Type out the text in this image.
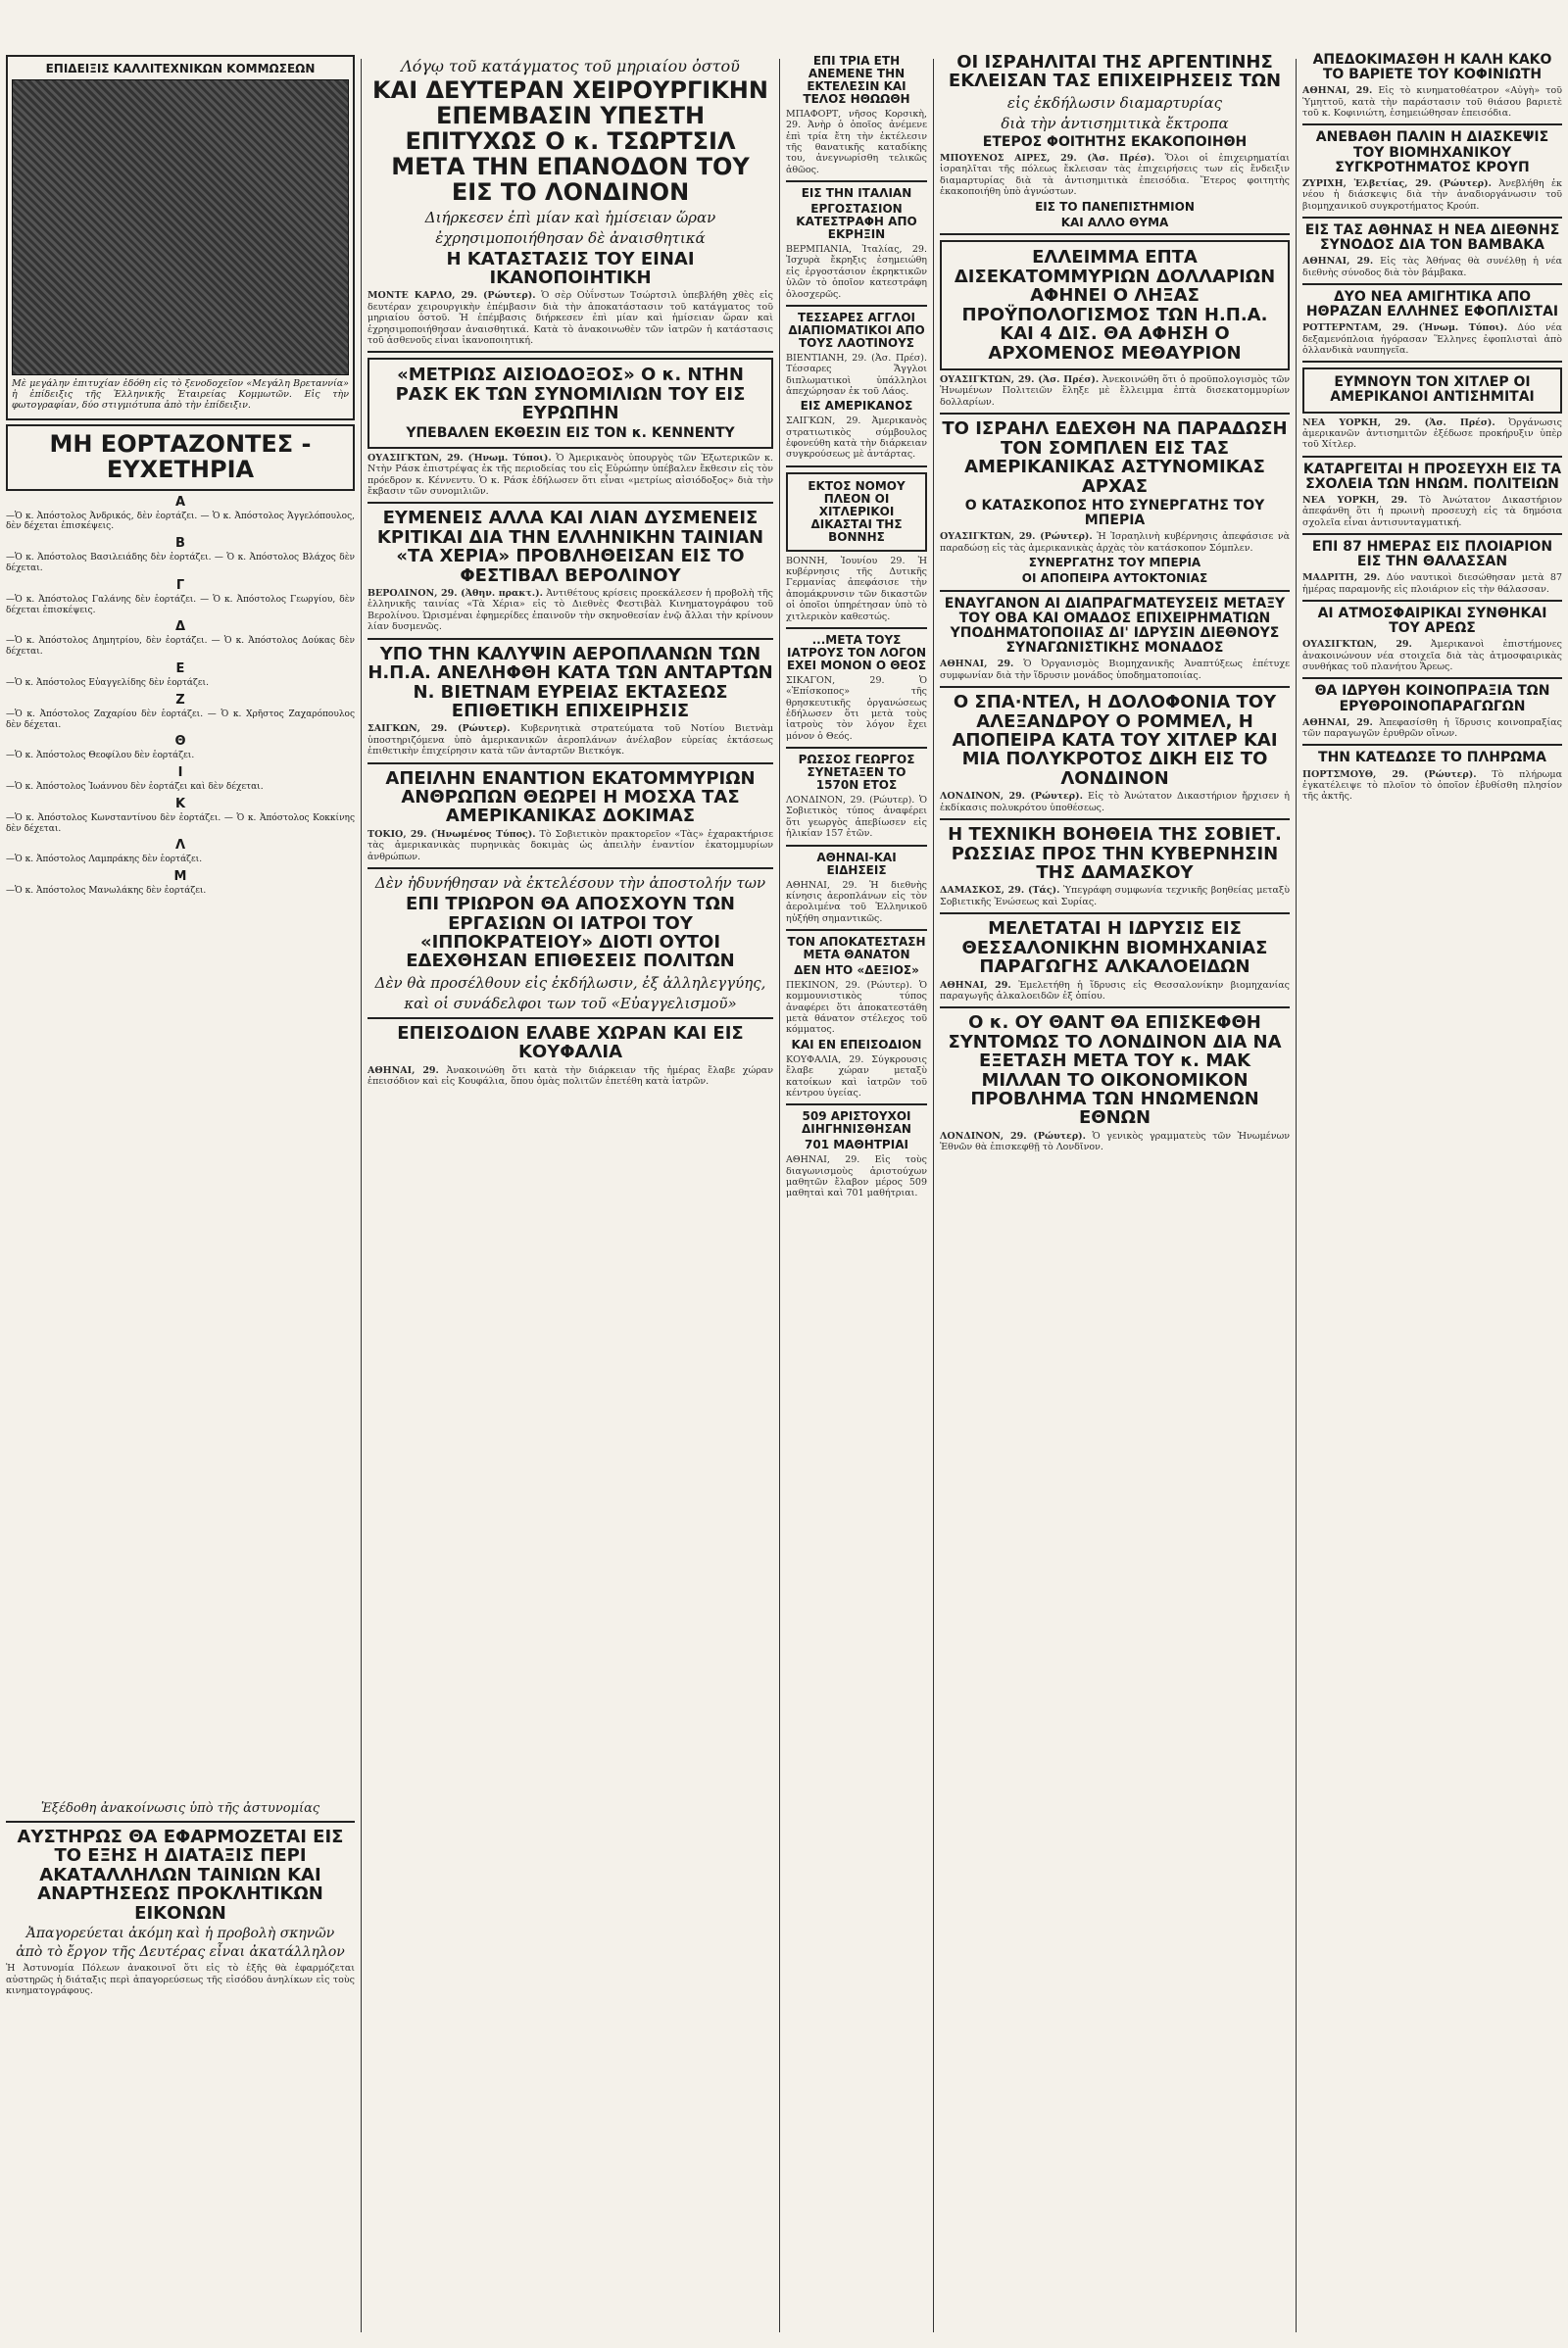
ΕΠΙΔΕΙΞΙΣ ΚΑΛΛΙΤΕΧΝΙΚΩΝ ΚΟΜΜΩΣΕΩΝ
Μὲ μεγάλην ἐπιτυχίαν ἐδόθη εἰς τὸ ξενοδοχεῖον «Μεγάλη Βρεταννία» ἡ ἐπίδειξις τῆς Ἑλληνικῆς Ἑταιρείας Κομμωτῶν. Εἰς τὴν φωτογραφίαν, δύο στιγμιότυπα ἀπὸ τὴν ἐπίδειξιν.
ΜΗ ΕΟΡΤΑΖΟΝΤΕΣ - ΕΥΧΕΤΗΡΙΑ
Α
—Ὁ κ. Ἀπόστολος Ἀνδρικός, δὲν ἑορτάζει. — Ὁ κ. Ἀπόστολος Ἀγγελόπουλος, δὲν δέχεται ἐπισκέψεις.
Β
—Ὁ κ. Ἀπόστολος Βασιλειάδης δὲν ἑορτάζει. — Ὁ κ. Ἀπόστολος Βλάχος δὲν δέχεται.
Γ
—Ὁ κ. Ἀπόστολος Γαλάνης δὲν ἑορτάζει. — Ὁ κ. Ἀπόστολος Γεωργίου, δὲν δέχεται ἐπισκέψεις.
Δ
—Ὁ κ. Ἀπόστολος Δημητρίου, δὲν ἑορτάζει. — Ὁ κ. Ἀπόστολος Δούκας δὲν δέχεται.
Ε
—Ὁ κ. Ἀπόστολος Εὐαγγελίδης δὲν ἑορτάζει.
Ζ
—Ὁ κ. Ἀπόστολος Ζαχαρίου δὲν ἑορτάζει. — Ὁ κ. Χρῆστος Ζαχαρόπουλος δὲν δέχεται.
Θ
—Ὁ κ. Ἀπόστολος Θεοφίλου δὲν ἑορτάζει.
Ι
—Ὁ κ. Ἀπόστολος Ἰωάννου δὲν ἑορτάζει καὶ δὲν δέχεται.
Κ
—Ὁ κ. Ἀπόστολος Κωνσταντίνου δὲν ἑορτάζει. — Ὁ κ. Ἀπόστολος Κοκκίνης δὲν δέχεται.
Λ
—Ὁ κ. Ἀπόστολος Λαμπράκης δὲν ἑορτάζει.
Μ
—Ὁ κ. Ἀπόστολος Μανωλάκης δὲν ἑορτάζει.
Ἐξέδοθη ἀνακοίνωσις ὑπὸ τῆς ἀστυνομίας
ΑΥΣΤΗΡΩΣ ΘΑ ΕΦΑΡΜΟΖΕΤΑΙ ΕΙΣ ΤΟ ΕΞΗΣ Η ΔΙΑΤΑΞΙΣ ΠΕΡΙ ΑΚΑΤΑΛΛΗΛΩΝ ΤΑΙΝΙΩΝ ΚΑΙ ΑΝΑΡΤΗΣΕΩΣ ΠΡΟΚΛΗΤΙΚΩΝ ΕΙΚΟΝΩΝ
Ἀπαγορεύεται ἀκόμη καὶ ἡ προβολὴ σκηνῶν
ἀπὸ τὸ ἔργον τῆς Δευτέρας εἶναι ἀκατάλληλον
Ἡ Ἀστυνομία Πόλεων ἀνακοινοῖ ὅτι εἰς τὸ ἑξῆς θὰ ἐφαρμόζεται αὐστηρῶς ἡ διάταξις περὶ ἀπαγορεύσεως τῆς εἰσόδου ἀνηλίκων εἰς τοὺς κινηματογράφους.
Λόγῳ τοῦ κατάγματος τοῦ μηριαίου ὀστοῦ
ΚΑΙ ΔΕΥΤΕΡΑΝ ΧΕΙΡΟΥΡΓΙΚΗΝ ΕΠΕΜΒΑΣΙΝ ΥΠΕΣΤΗ ΕΠΙΤΥΧΩΣ Ο κ. ΤΣΩΡΤΣΙΛ ΜΕΤΑ ΤΗΝ ΕΠΑΝΟΔΟΝ ΤΟΥ ΕΙΣ ΤΟ ΛΟΝΔΙΝΟΝ
Διήρκεσεν ἐπὶ μίαν καὶ ἡμίσειαν ὥραν
ἐχρησιμοποιήθησαν δὲ ἀναισθητικά
Η ΚΑΤΑΣΤΑΣΙΣ ΤΟΥ ΕΙΝΑΙ ΙΚΑΝΟΠΟΙΗΤΙΚΗ
ΜΟΝΤΕ ΚΑΡΛΟ, 29. (Ρώυτερ). Ὁ σὲρ Οὐΐνστων Τσώρτσιλ ὑπεβλήθη χθὲς εἰς δευτέραν χειρουργικὴν ἐπέμβασιν διὰ τὴν ἀποκατάστασιν τοῦ κατάγματος τοῦ μηριαίου ὀστοῦ. Ἡ ἐπέμβασις διήρκεσεν ἐπὶ μίαν καὶ ἡμίσειαν ὥραν καὶ ἐχρησιμοποιήθησαν ἀναισθητικά. Κατὰ τὸ ἀνακοινωθὲν τῶν ἰατρῶν ἡ κατάστασις τοῦ ἀσθενοῦς εἶναι ἱκανοποιητική.
«ΜΕΤΡΙΩΣ ΑΙΣΙΟΔΟΞΟΣ» Ο κ. ΝΤΗΝ ΡΑΣΚ ΕΚ ΤΩΝ ΣΥΝΟΜΙΛΙΩΝ ΤΟΥ ΕΙΣ ΕΥΡΩΠΗΝ
ΥΠΕΒΑΛΕΝ ΕΚΘΕΣΙΝ ΕΙΣ ΤΟΝ κ. ΚΕΝΝΕΝΤΥ
ΟΥΑΣΙΓΚΤΩΝ, 29. (Ἡνωμ. Τύποι). Ὁ Ἀμερικανὸς ὑπουργὸς τῶν Ἐξωτερικῶν κ. Ντὴν Ράσκ ἐπιστρέψας ἐκ τῆς περιοδείας του εἰς Εὐρώπην ὑπέβαλεν ἔκθεσιν εἰς τὸν πρόεδρον κ. Κέννεντυ. Ὁ κ. Ράσκ ἐδήλωσεν ὅτι εἶναι «μετρίως αἰσιόδοξος» διὰ τὴν ἔκβασιν τῶν συνομιλιῶν.
ΕΥΜΕΝΕΙΣ ΑΛΛΑ ΚΑΙ ΛΙΑΝ ΔΥΣΜΕΝΕΙΣ ΚΡΙΤΙΚΑΙ ΔΙΑ ΤΗΝ ΕΛΛΗΝΙΚΗΝ ΤΑΙΝΙΑΝ «ΤΑ ΧΕΡΙΑ» ΠΡΟΒΛΗΘΕΙΣΑΝ ΕΙΣ ΤΟ ΦΕΣΤΙΒΑΛ ΒΕΡΟΛΙΝΟΥ
ΒΕΡΟΛΙΝΟΝ, 29. (Ἀθην. πρακτ.). Ἀντιθέτους κρίσεις προεκάλεσεν ἡ προβολὴ τῆς ἑλληνικῆς ταινίας «Τὰ Χέρια» εἰς τὸ Διεθνὲς Φεστιβὰλ Κινηματογράφου τοῦ Βερολίνου. Ὡρισμέναι ἐφημερίδες ἐπαινοῦν τὴν σκηνοθεσίαν ἐνῷ ἄλλαι τὴν κρίνουν λίαν δυσμενῶς.
ΥΠΟ ΤΗΝ ΚΑΛΥΨΙΝ ΑΕΡΟΠΛΑΝΩΝ ΤΩΝ Η.Π.Α. ΑΝΕΛΗΦΘΗ ΚΑΤΑ ΤΩΝ ΑΝΤΑΡΤΩΝ Ν. ΒΙΕΤΝΑΜ ΕΥΡΕΙΑΣ ΕΚΤΑΣΕΩΣ ΕΠΙΘΕΤΙΚΗ ΕΠΙΧΕΙΡΗΣΙΣ
ΣΑΙΓΚΩΝ, 29. (Ρώυτερ). Κυβερνητικὰ στρατεύματα τοῦ Νοτίου Βιετνὰμ ὑποστηριζόμενα ὑπὸ ἀμερικανικῶν ἀεροπλάνων ἀνέλαβον εὐρείας ἐκτάσεως ἐπιθετικὴν ἐπιχείρησιν κατὰ τῶν ἀνταρτῶν Βιετκόγκ.
ΑΠΕΙΛΗΝ ΕΝΑΝΤΙΟΝ ΕΚΑΤΟΜΜΥΡΙΩΝ ΑΝΘΡΩΠΩΝ ΘΕΩΡΕΙ Η ΜΟΣΧΑ ΤΑΣ ΑΜΕΡΙΚΑΝΙΚΑΣ ΔΟΚΙΜΑΣ
ΤΟΚΙΟ, 29. (Ἡνωμένος Τύπος). Τὸ Σοβιετικὸν πρακτορεῖον «Τὰς» ἐχαρακτήρισε τὰς ἀμερικανικὰς πυρηνικὰς δοκιμὰς ὡς ἀπειλὴν ἐναντίον ἑκατομμυρίων ἀνθρώπων.
Δὲν ἠδυνήθησαν νὰ ἐκτελέσουν τὴν ἀποστολήν των
ΕΠΙ ΤΡΙΩΡΟΝ ΘΑ ΑΠΟΣΧΟΥΝ ΤΩΝ ΕΡΓΑΣΙΩΝ ΟΙ ΙΑΤΡΟΙ ΤΟΥ «ΙΠΠΟΚΡΑΤΕΙΟΥ» ΔΙΟΤΙ ΟΥΤΟΙ ΕΔΕΧΘΗΣΑΝ ΕΠΙΘΕΣΕΙΣ ΠΟΛΙΤΩΝ
Δὲν θὰ προσέλθουν εἰς ἐκδήλωσιν, ἐξ ἀλληλεγγύης,
καὶ οἱ συνάδελφοι των τοῦ «Εὐαγγελισμοῦ»
ΕΠΕΙΣΟΔΙΟΝ ΕΛΑΒΕ ΧΩΡΑΝ ΚΑΙ ΕΙΣ ΚΟΥΦΑΛΙΑ
ΑΘΗΝΑΙ, 29. Ἀνακοινώθη ὅτι κατὰ τὴν διάρκειαν τῆς ἡμέρας ἔλαβε χώραν ἐπεισόδιον καὶ εἰς Κουφάλια, ὅπου ὁμὰς πολιτῶν ἐπετέθη κατὰ ἰατρῶν.
ΕΠΙ ΤΡΙΑ ΕΤΗ ΑΝΕΜΕΝΕ ΤΗΝ ΕΚΤΕΛΕΣΙΝ ΚΑΙ ΤΕΛΟΣ ΗΘΩΩΘΗ
ΜΠΑΦΟΡΤ, νῆσος Κορσικὴ, 29. Ἀνὴρ ὁ ὁποῖος ἀνέμενε ἐπὶ τρία ἔτη τὴν ἐκτέλεσιν τῆς θανατικῆς καταδίκης του, ἀνεγνωρίσθη τελικῶς ἀθῶος.
ΕΙΣ ΤΗΝ ΙΤΑΛΙΑΝ
ΕΡΓΟΣΤΑΣΙΟΝ ΚΑΤΕΣΤΡΑΦΗ ΑΠΟ ΕΚΡΗΞΙΝ
ΒΕΡΜΠΑΝΙΑ, Ἰταλίας, 29. Ἰσχυρὰ ἔκρηξις ἐσημειώθη εἰς ἐργοστάσιον ἐκρηκτικῶν ὑλῶν τὸ ὁποῖον κατεστράφη ὁλοσχερῶς.
ΤΕΣΣΑΡΕΣ ΑΓΓΛΟΙ ΔΙΑΠΙΟΜΑΤΙΚΟΙ ΑΠΟ ΤΟΥΣ ΛΑΟΤΙΝΟΥΣ
ΒΙΕΝΤΙΑΝΗ, 29. (Ἀσ. Πρέσ). Τέσσαρες Ἄγγλοι διπλωματικοὶ ὑπάλληλοι ἀπεχώρησαν ἐκ τοῦ Λάος.
ΕΙΣ ΑΜΕΡΙΚΑΝΟΣ
ΣΑΙΓΚΩΝ, 29. Ἀμερικανὸς στρατιωτικὸς σύμβουλος ἐφονεύθη κατὰ τὴν διάρκειαν συγκρούσεως μὲ ἀντάρτας.
ΕΚΤΟΣ ΝΟΜΟΥ ΠΛΕΟΝ ΟΙ ΧΙΤΛΕΡΙΚΟΙ ΔΙΚΑΣΤΑΙ ΤΗΣ ΒΟΝΝΗΣ
ΒΟΝΝΗ, Ἰουνίου 29. Ἡ κυβέρνησις τῆς Δυτικῆς Γερμανίας ἀπεφάσισε τὴν ἀπομάκρυνσιν τῶν δικαστῶν οἱ ὁποῖοι ὑπηρέτησαν ὑπὸ τὸ χιτλερικὸν καθεστώς.
...ΜΕΤΑ ΤΟΥΣ ΙΑΤΡΟΥΣ ΤΟΝ ΛΟΓΟΝ ΕΧΕΙ ΜΟΝΟΝ Ο ΘΕΟΣ
ΣΙΚΑΓΟΝ, 29. Ὁ «Ἐπίσκοπος» τῆς θρησκευτικῆς ὀργανώσεως ἐδήλωσεν ὅτι μετὰ τοὺς ἰατροὺς τὸν λόγον ἔχει μόνον ὁ Θεός.
ΡΩΣΣΟΣ ΓΕΩΡΓΟΣ ΣΥΝΕΤΑΞΕΝ ΤΟ 1570Ν ΕΤΟΣ
ΛΟΝΔΙΝΟΝ, 29. (Ρώυτερ). Ὁ Σοβιετικὸς τύπος ἀναφέρει ὅτι γεωργὸς ἀπεβίωσεν εἰς ἡλικίαν 157 ἐτῶν.
ΑΘΗΝΑΙ-ΚΑΙ ΕΙΔΗΣΕΙΣ
ΑΘΗΝΑΙ, 29. Ἡ διεθνὴς κίνησις ἀεροπλάνων εἰς τὸν ἀερολιμένα τοῦ Ἑλληνικοῦ ηὐξήθη σημαντικῶς.
ΤΟΝ ΑΠΟΚΑΤΕΣΤΑΣΗ ΜΕΤΑ ΘΑΝΑΤΟΝ
ΔΕΝ ΗΤΟ «ΔΕΞΙΟΣ»
ΠΕΚΙΝΟΝ, 29. (Ρώυτερ). Ὁ κομμουνιστικὸς τύπος ἀναφέρει ὅτι ἀποκατεστάθη μετὰ θάνατον στέλεχος τοῦ κόμματος.
ΚΑΙ ΕΝ ΕΠΕΙΣΟΔΙΟΝ
ΚΟΥΦΑΛΙΑ, 29. Σύγκρουσις ἔλαβε χώραν μεταξὺ κατοίκων καὶ ἰατρῶν τοῦ κέντρου ὑγείας.
509 ΑΡΙΣΤΟΥΧΟΙ ΔΙΗΓΗΝΙΣΘΗΣΑΝ
701 ΜΑΘΗΤΡΙΑΙ
ΑΘΗΝΑΙ, 29. Εἰς τοὺς διαγωνισμοὺς ἀριστούχων μαθητῶν ἔλαβον μέρος 509 μαθηταὶ καὶ 701 μαθήτριαι.
ΟΙ ΙΣΡΑΗΛΙΤΑΙ ΤΗΣ ΑΡΓΕΝΤΙΝΗΣ ΕΚΛΕΙΣΑΝ ΤΑΣ ΕΠΙΧΕΙΡΗΣΕΙΣ ΤΩΝ
εἰς ἐκδήλωσιν διαμαρτυρίας
διὰ τὴν ἀντισημιτικὰ ἔκτροπα
ΕΤΕΡΟΣ ΦΟΙΤΗΤΗΣ ΕΚΑΚΟΠΟΙΗΘΗ
ΜΠΟΥΕΝΟΣ ΑΙΡΕΣ, 29. (Ἀσ. Πρέσ). Ὅλοι οἱ ἐπιχειρηματίαι ἰσραηλῖται τῆς πόλεως ἔκλεισαν τὰς ἐπιχειρήσεις των εἰς ἔνδειξιν διαμαρτυρίας διὰ τὰ ἀντισημιτικὰ ἐπεισόδια. Ἕτερος φοιτητὴς ἐκακοποιήθη ὑπὸ ἀγνώστων.
ΕΙΣ ΤΟ ΠΑΝΕΠΙΣΤΗΜΙΟΝ
ΚΑΙ ΑΛΛΟ ΘΥΜΑ
ΕΛΛΕΙΜΜΑ ΕΠΤΑ ΔΙΣΕΚΑΤΟΜΜΥΡΙΩΝ ΔΟΛΛΑΡΙΩΝ ΑΦΗΝΕΙ Ο ΛΗΞΑΣ ΠΡΟΫΠΟΛΟΓΙΣΜΟΣ ΤΩΝ Η.Π.Α. ΚΑΙ 4 ΔΙΣ. ΘΑ ΑΦΗΣΗ Ο ΑΡΧΟΜΕΝΟΣ ΜΕΘΑΥΡΙΟΝ
ΟΥΑΣΙΓΚΤΩΝ, 29. (Ἀσ. Πρέσ). Ἀνεκοινώθη ὅτι ὁ προϋπολογισμὸς τῶν Ἡνωμένων Πολιτειῶν ἔληξε μὲ ἔλλειμμα ἑπτὰ δισεκατομμυρίων δολλαρίων.
ΤΟ ΙΣΡΑΗΛ ΕΔΕΧΘΗ ΝΑ ΠΑΡΑΔΩΣΗ ΤΟΝ ΣΟΜΠΛΕΝ ΕΙΣ ΤΑΣ ΑΜΕΡΙΚΑΝΙΚΑΣ ΑΣΤΥΝΟΜΙΚΑΣ ΑΡΧΑΣ
Ο ΚΑΤΑΣΚΟΠΟΣ ΗΤΟ ΣΥΝΕΡΓΑΤΗΣ ΤΟΥ ΜΠΕΡΙΑ
ΟΥΑΣΙΓΚΤΩΝ, 29. (Ρώυτερ). Ἡ Ἰσραηλινὴ κυβέρνησις ἀπεφάσισε νὰ παραδώσῃ εἰς τὰς ἀμερικανικὰς ἀρχὰς τὸν κατάσκοπον Σόμπλεν.
ΣΥΝΕΡΓΑΤΗΣ ΤΟΥ ΜΠΕΡΙΑ
ΟΙ ΑΠΟΠΕΙΡΑ ΑΥΤΟΚΤΟΝΙΑΣ
ΕΝΑΥΓΑΝΟΝ ΑΙ ΔΙΑΠΡΑΓΜΑΤΕΥΣΕΙΣ ΜΕΤΑΞΥ ΤΟΥ ΟΒΑ ΚΑΙ ΟΜΑΔΟΣ ΕΠΙΧΕΙΡΗΜΑΤΙΩΝ ΥΠΟΔΗΜΑΤΟΠΟΙΙΑΣ ΔΙ' ΙΔΡΥΣΙΝ ΔΙΕΘΝΟΥΣ ΣΥΝΑΓΩΝΙΣΤΙΚΗΣ ΜΟΝΑΔΟΣ
ΑΘΗΝΑΙ, 29. Ὁ Ὀργανισμὸς Βιομηχανικῆς Ἀναπτύξεως ἐπέτυχε συμφωνίαν διὰ τὴν ἵδρυσιν μονάδος ὑποδηματοποιίας.
Ο ΣΠΑ·ΝΤΕΛ, Η ΔΟΛΟΦΟΝΙΑ ΤΟΥ ΑΛΕΞΑΝΔΡΟΥ Ο ΡΟΜΜΕΛ, Η ΑΠΟΠΕΙΡΑ ΚΑΤΑ ΤΟΥ ΧΙΤΛΕΡ ΚΑΙ ΜΙΑ ΠΟΛΥΚΡΟΤΟΣ ΔΙΚΗ ΕΙΣ ΤΟ ΛΟΝΔΙΝΟΝ
ΛΟΝΔΙΝΟΝ, 29. (Ρώυτερ). Εἰς τὸ Ἀνώτατον Δικαστήριον ἤρχισεν ἡ ἐκδίκασις πολυκρότου ὑποθέσεως.
Η ΤΕΧΝΙΚΗ ΒΟΗΘΕΙΑ ΤΗΣ ΣΟΒΙΕΤ. ΡΩΣΣΙΑΣ ΠΡΟΣ ΤΗΝ ΚΥΒΕΡΝΗΣΙΝ ΤΗΣ ΔΑΜΑΣΚΟΥ
ΔΑΜΑΣΚΟΣ, 29. (Τάς). Ὑπεγράφη συμφωνία τεχνικῆς βοηθείας μεταξὺ Σοβιετικῆς Ἑνώσεως καὶ Συρίας.
ΜΕΛΕΤΑΤΑΙ Η ΙΔΡΥΣΙΣ ΕΙΣ ΘΕΣΣΑΛΟΝΙΚΗΝ ΒΙΟΜΗΧΑΝΙΑΣ ΠΑΡΑΓΩΓΗΣ ΑΛΚΑΛΟΕΙΔΩΝ
ΑΘΗΝΑΙ, 29. Ἐμελετήθη ἡ ἵδρυσις εἰς Θεσσαλονίκην βιομηχανίας παραγωγῆς ἀλκαλοειδῶν ἐξ ὀπίου.
Ο κ. ΟΥ ΘΑΝΤ ΘΑ ΕΠΙΣΚΕΦΘΗ ΣΥΝΤΟΜΩΣ ΤΟ ΛΟΝΔΙΝΟΝ ΔΙΑ ΝΑ ΕΞΕΤΑΣΗ ΜΕΤΑ ΤΟΥ κ. ΜΑΚ ΜΙΛΛΑΝ ΤΟ ΟΙΚΟΝΟΜΙΚΟΝ ΠΡΟΒΛΗΜΑ ΤΩΝ ΗΝΩΜΕΝΩΝ ΕΘΝΩΝ
ΛΟΝΔΙΝΟΝ, 29. (Ρώυτερ). Ὁ γενικὸς γραμματεὺς τῶν Ἡνωμένων Ἐθνῶν θὰ ἐπισκεφθῇ τὸ Λονδῖνον.
ΑΠΕΔΟΚΙΜΑΣΘΗ Η ΚΑΛΗ ΚΑΚΟ ΤΟ ΒΑΡΙΕΤΕ ΤΟΥ ΚΟΦΙΝΙΩΤΗ
ΑΘΗΝΑΙ, 29. Εἰς τὸ κινηματοθέατρον «Αὐγὴ» τοῦ Ὑμηττοῦ, κατὰ τὴν παράστασιν τοῦ θιάσου βαριετὲ τοῦ κ. Κοφινιώτη, ἐσημειώθησαν ἐπεισόδια.
ΑΝΕΒΑΘΗ ΠΑΛΙΝ Η ΔΙΑΣΚΕΨΙΣ ΤΟΥ ΒΙΟΜΗΧΑΝΙΚΟΥ ΣΥΓΚΡΟΤΗΜΑΤΟΣ ΚΡΟΥΠ
ΖΥΡΙΧΗ, Ἑλβετίας, 29. (Ρώυτερ). Ἀνεβλήθη ἐκ νέου ἡ διάσκεψις διὰ τὴν ἀναδιοργάνωσιν τοῦ βιομηχανικοῦ συγκροτήματος Κρούπ.
ΕΙΣ ΤΑΣ ΑΘΗΝΑΣ Η ΝΕΑ ΔΙΕΘΝΗΣ ΣΥΝΟΔΟΣ ΔΙΑ ΤΟΝ ΒΑΜΒΑΚΑ
ΑΘΗΝΑΙ, 29. Εἰς τὰς Ἀθήνας θὰ συνέλθῃ ἡ νέα διεθνὴς σύνοδος διὰ τὸν βάμβακα.
ΔΥΟ ΝΕΑ ΑΜΙΓΗΤΙΚΑ ΑΠΟ ΗΘΡΑΖΑΝ ΕΛΛΗΝΕΣ ΕΦΟΠΛΙΣΤΑΙ
ΡΟΤΤΕΡΝΤΑΜ, 29. (Ἡνωμ. Τύποι). Δύο νέα δεξαμενόπλοια ἠγόρασαν Ἕλληνες ἐφοπλισταὶ ἀπὸ ὁλλανδικὰ ναυπηγεῖα.
ΕΥΜΝΟΥΝ ΤΟΝ ΧΙΤΛΕΡ ΟΙ ΑΜΕΡΙΚΑΝΟΙ ΑΝΤΙΣΗΜΙΤΑΙ
ΝΕΑ ΥΟΡΚΗ, 29. (Ἀσ. Πρέσ). Ὀργάνωσις ἀμερικανῶν ἀντισημιτῶν ἐξέδωσε προκήρυξιν ὑπὲρ τοῦ Χίτλερ.
ΚΑΤΑΡΓΕΙΤΑΙ Η ΠΡΟΣΕΥΧΗ ΕΙΣ ΤΑ ΣΧΟΛΕΙΑ ΤΩΝ ΗΝΩΜ. ΠΟΛΙΤΕΙΩΝ
ΝΕΑ ΥΟΡΚΗ, 29. Τὸ Ἀνώτατον Δικαστήριον ἀπεφάνθη ὅτι ἡ πρωινὴ προσευχὴ εἰς τὰ δημόσια σχολεῖα εἶναι ἀντισυνταγματική.
ΕΠΙ 87 ΗΜΕΡΑΣ ΕΙΣ ΠΛΟΙΑΡΙΟΝ ΕΙΣ ΤΗΝ ΘΑΛΑΣΣΑΝ
ΜΑΔΡΙΤΗ, 29. Δύο ναυτικοὶ διεσώθησαν μετὰ 87 ἡμέρας παραμονῆς εἰς πλοιάριον εἰς τὴν θάλασσαν.
ΑΙ ΑΤΜΟΣΦΑΙΡΙΚΑΙ ΣΥΝΘΗΚΑΙ ΤΟΥ ΑΡΕΩΣ
ΟΥΑΣΙΓΚΤΩΝ, 29. Ἀμερικανοὶ ἐπιστήμονες ἀνακοινώνουν νέα στοιχεῖα διὰ τὰς ἀτμοσφαιρικὰς συνθήκας τοῦ πλανήτου Ἄρεως.
ΘΑ ΙΔΡΥΘΗ ΚΟΙΝΟΠΡΑΞΙΑ ΤΩΝ ΕΡΥΘΡΟΙΝΟΠΑΡΑΓΩΓΩΝ
ΑΘΗΝΑΙ, 29. Ἀπεφασίσθη ἡ ἵδρυσις κοινοπραξίας τῶν παραγωγῶν ἐρυθρῶν οἴνων.
ΤΗΝ ΚΑΤΕΔΩΣΕ ΤΟ ΠΛΗΡΩΜΑ
ΠΟΡΤΣΜΟΥΘ, 29. (Ρώυτερ). Τὸ πλήρωμα ἐγκατέλειψε τὸ πλοῖον τὸ ὁποῖον ἐβυθίσθη πλησίον τῆς ἀκτῆς.
